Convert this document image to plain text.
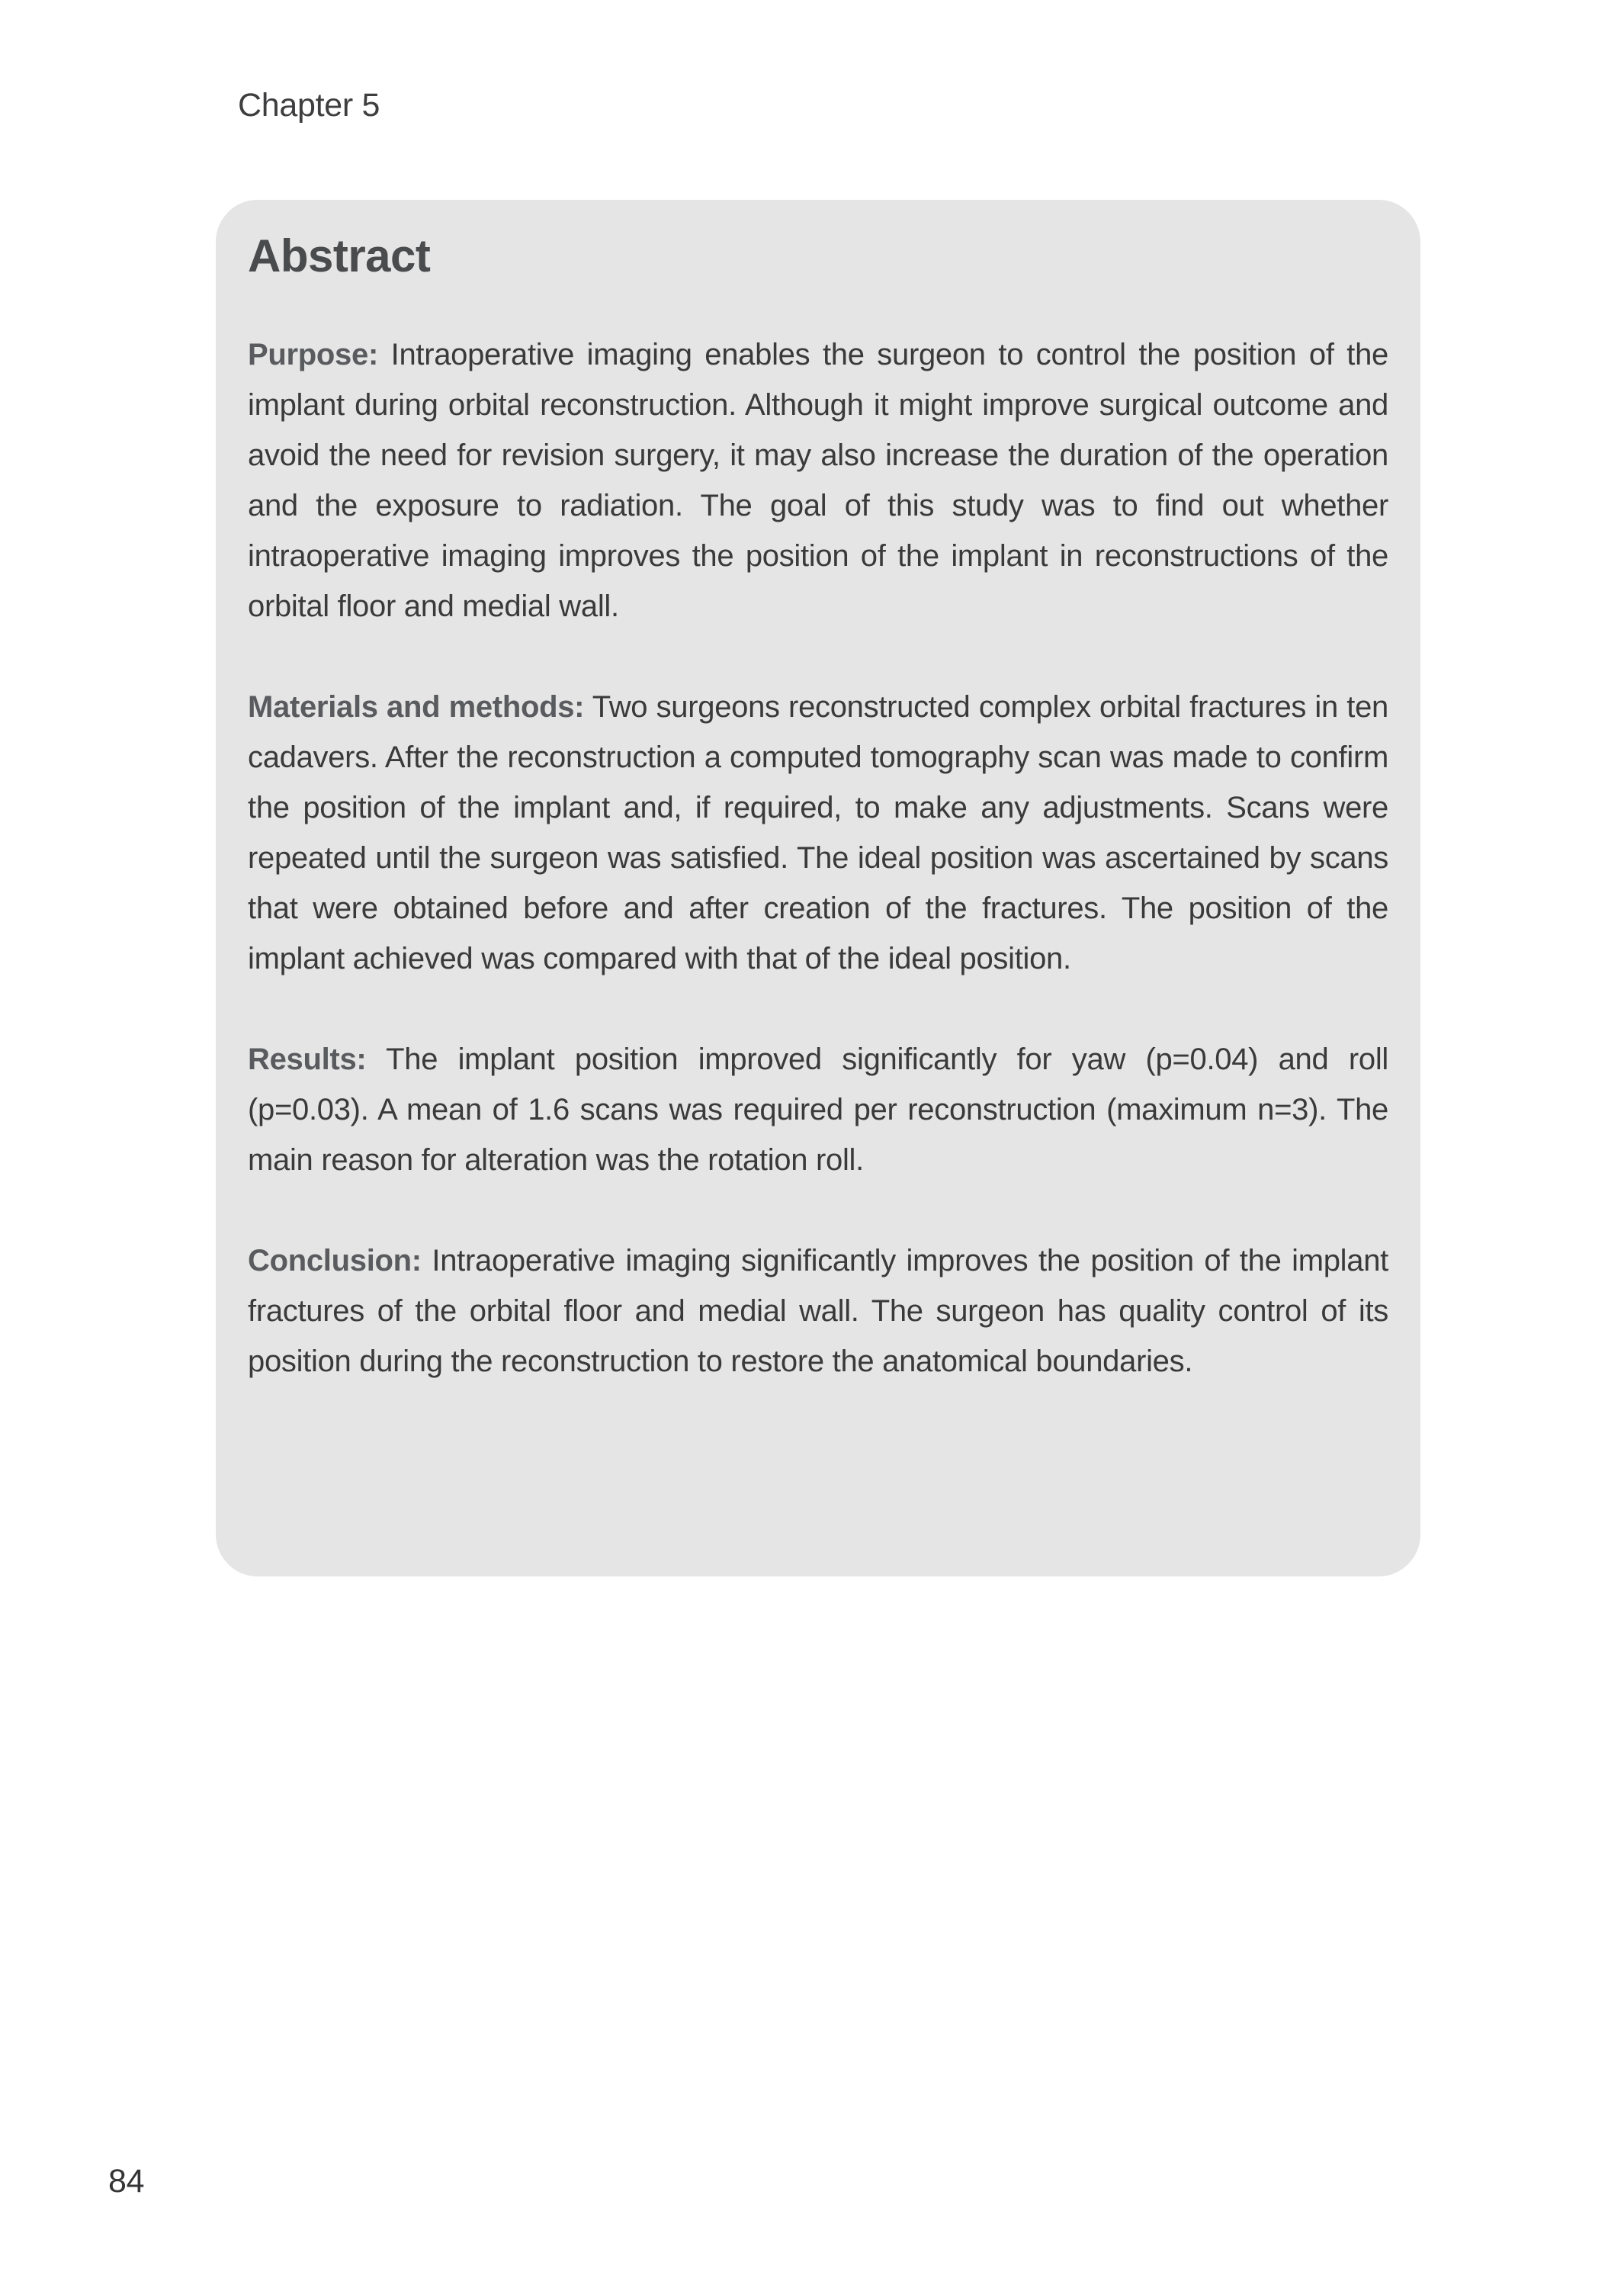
Chapter 5
Abstract

Purpose: Intraoperative imaging enables the surgeon to control the position of the implant during orbital reconstruction. Although it might improve surgical outcome and avoid the need for revision surgery, it may also increase the duration of the operation and the exposure to radiation. The goal of this study was to find out whether intraoperative imaging improves the position of the implant in reconstructions of the orbital floor and medial wall.

Materials and methods: Two surgeons reconstructed complex orbital fractures in ten cadavers. After the reconstruction a computed tomography scan was made to confirm the position of the implant and, if required, to make any adjustments. Scans were repeated until the surgeon was satisfied. The ideal position was ascertained by scans that were obtained before and after creation of the fractures. The position of the implant achieved was compared with that of the ideal position.

Results: The implant position improved significantly for yaw (p=0.04) and roll (p=0.03). A mean of 1.6 scans was required per reconstruction (maximum n=3). The main reason for alteration was the rotation roll.

Conclusion: Intraoperative imaging significantly improves the position of the implant fractures of the orbital floor and medial wall. The surgeon has quality control of its position during the reconstruction to restore the anatomical boundaries.

84
